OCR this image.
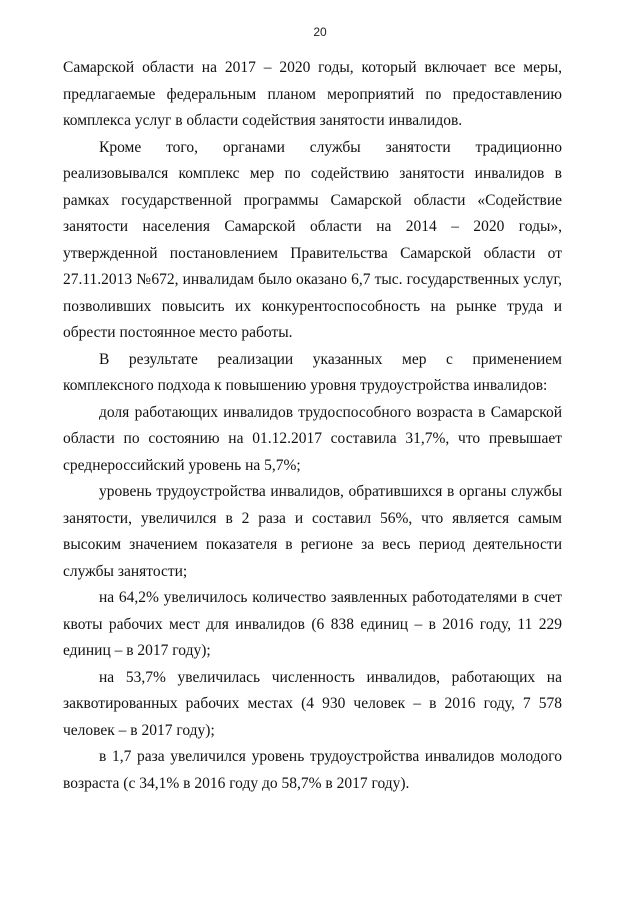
20

Самарской области на 2017 – 2020 годы, который включает все меры, предлагаемые федеральным планом мероприятий по предоставлению комплекса услуг в области содействия занятости инвалидов.

Кроме того, органами службы занятости традиционно реализовывался комплекс мер по содействию занятости инвалидов в рамках государственной программы Самарской области «Содействие занятости населения Самарской области на 2014 – 2020 годы», утвержденной постановлением Правительства Самарской области от 27.11.2013 №672, инвалидам было оказано 6,7 тыс. государственных услуг, позволивших повысить их конкурентоспособность на рынке труда и обрести постоянное место работы.

В результате реализации указанных мер с применением комплексного подхода к повышению уровня трудоустройства инвалидов:

доля работающих инвалидов трудоспособного возраста в Самарской области по состоянию на 01.12.2017 составила 31,7%, что превышает среднероссийский уровень на 5,7%;

уровень трудоустройства инвалидов, обратившихся в органы службы занятости, увеличился в 2 раза и составил 56%, что является самым высоким значением показателя в регионе за весь период деятельности службы занятости;

на 64,2% увеличилось количество заявленных работодателями в счет квоты рабочих мест для инвалидов (6 838 единиц – в 2016 году, 11 229 единиц – в 2017 году);

на 53,7% увеличилась численность инвалидов, работающих на заквотированных рабочих местах (4 930 человек – в 2016 году, 7 578 человек – в 2017 году);

в 1,7 раза увеличился уровень трудоустройства инвалидов молодого возраста (с 34,1% в 2016 году до 58,7% в 2017 году).
